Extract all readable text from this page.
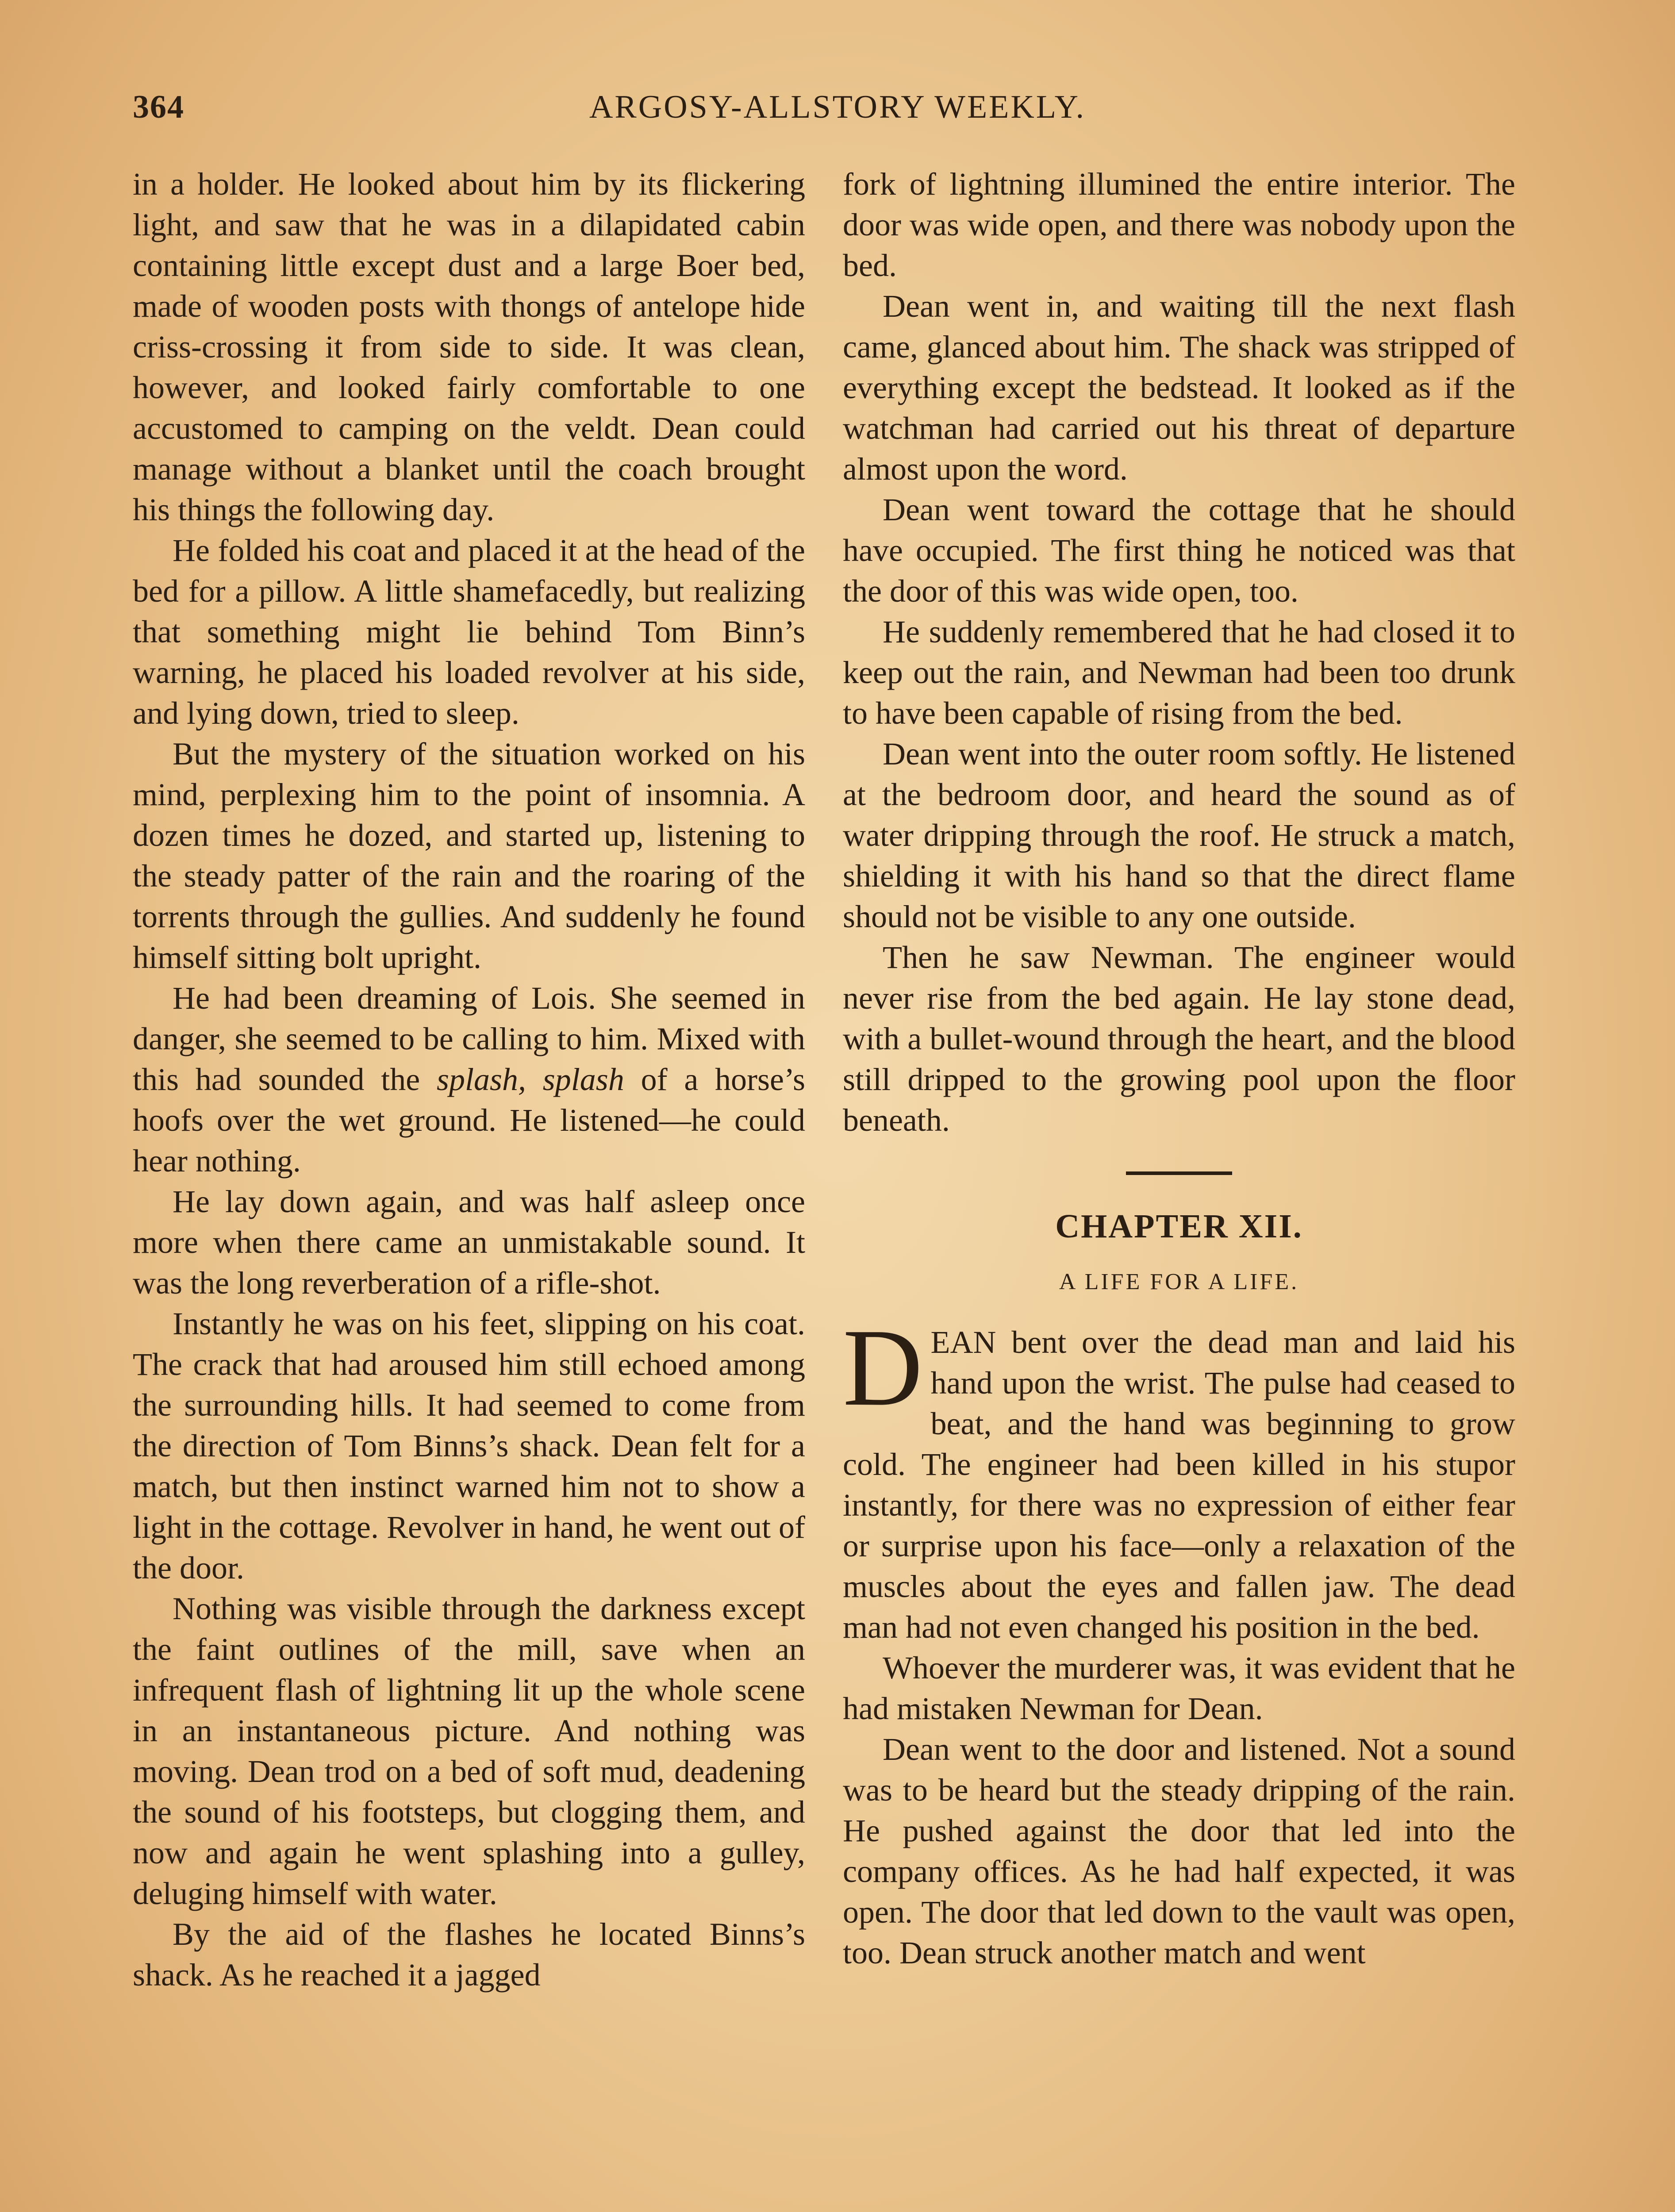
364	ARGOSY-ALLSTORY WEEKLY.

in a holder. He looked about him by its flickering light, and saw that he was in a dilapidated cabin containing little except dust and a large Boer bed, made of wooden posts with thongs of antelope hide criss-crossing it from side to side. It was clean, however, and looked fairly comfortable to one accustomed to camping on the veldt. Dean could manage without a blanket until the coach brought his things the following day.

He folded his coat and placed it at the head of the bed for a pillow. A little shamefacedly, but realizing that something might lie behind Tom Binn’s warning, he placed his loaded revolver at his side, and lying down, tried to sleep.

But the mystery of the situation worked on his mind, perplexing him to the point of insomnia. A dozen times he dozed, and started up, listening to the steady patter of the rain and the roaring of the torrents through the gullies. And suddenly he found himself sitting bolt upright.

He had been dreaming of Lois. She seemed in danger, she seemed to be calling to him. Mixed with this had sounded the splash, splash of a horse’s hoofs over the wet ground. He listened—he could hear nothing.

He lay down again, and was half asleep once more when there came an unmistakable sound. It was the long reverberation of a rifle-shot.

Instantly he was on his feet, slipping on his coat. The crack that had aroused him still echoed among the surrounding hills. It had seemed to come from the direction of Tom Binns’s shack. Dean felt for a match, but then instinct warned him not to show a light in the cottage. Revolver in hand, he went out of the door.

Nothing was visible through the darkness except the faint outlines of the mill, save when an infrequent flash of lightning lit up the whole scene in an instantaneous picture. And nothing was moving. Dean trod on a bed of soft mud, deadening the sound of his footsteps, but clogging them, and now and again he went splashing into a gulley, deluging himself with water.

By the aid of the flashes he located Binns’s shack. As he reached it a jagged

fork of lightning illumined the entire interior. The door was wide open, and there was nobody upon the bed.

Dean went in, and waiting till the next flash came, glanced about him. The shack was stripped of everything except the bedstead. It looked as if the watchman had carried out his threat of departure almost upon the word.

Dean went toward the cottage that he should have occupied. The first thing he noticed was that the door of this was wide open, too.

He suddenly remembered that he had closed it to keep out the rain, and Newman had been too drunk to have been capable of rising from the bed.

Dean went into the outer room softly. He listened at the bedroom door, and heard the sound as of water dripping through the roof. He struck a match, shielding it with his hand so that the direct flame should not be visible to any one outside.

Then he saw Newman. The engineer would never rise from the bed again. He lay stone dead, with a bullet-wound through the heart, and the blood still dripped to the growing pool upon the floor beneath.

CHAPTER XII.
A LIFE FOR A LIFE.

DEAN bent over the dead man and laid his hand upon the wrist. The pulse had ceased to beat, and the hand was beginning to grow cold. The engineer had been killed in his stupor instantly, for there was no expression of either fear or surprise upon his face—only a relaxation of the muscles about the eyes and fallen jaw. The dead man had not even changed his position in the bed.

Whoever the murderer was, it was evident that he had mistaken Newman for Dean.

Dean went to the door and listened. Not a sound was to be heard but the steady dripping of the rain. He pushed against the door that led into the company offices. As he had half expected, it was open. The door that led down to the vault was open, too. Dean struck another match and went
